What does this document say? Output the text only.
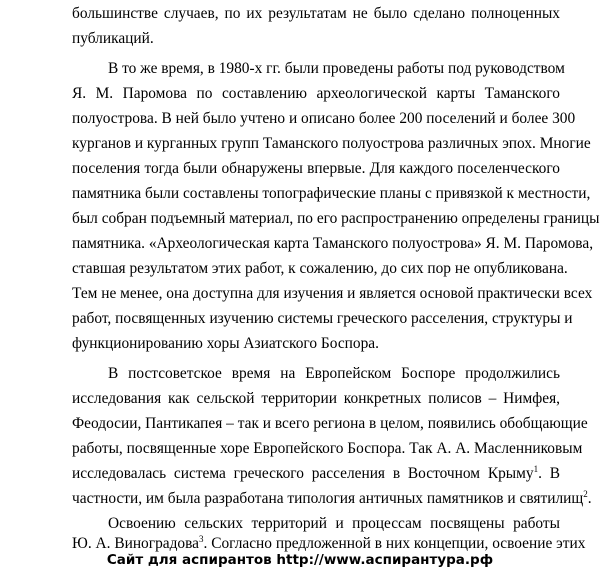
большинстве случаев, по их результатам не было сделано полноценных
публикаций.
В то же время, в 1980-х гг. были проведены работы под руководством
Я. М. Паромова по составлению археологической карты Таманского
полуострова. В ней было учтено и описано более 200 поселений и более 300
курганов и курганных групп Таманского полуострова различных эпох. Многие
поселения тогда были обнаружены впервые. Для каждого поселенческого
памятника были составлены топографические планы с привязкой к местности,
был собран подъемный материал, по его распространению определены границы
памятника. «Археологическая карта Таманского полуострова» Я. М. Паромова,
ставшая результатом этих работ, к сожалению, до сих пор не опубликована.
Тем не менее, она доступна для изучения и является основой практически всех
работ, посвященных изучению системы греческого расселения, структуры и
функционированию хоры Азиатского Боспора.
В постсоветское время на Европейском Боспоре продолжились
исследования как сельской территории конкретных полисов – Нимфея,
Феодосии, Пантикапея – так и всего региона в целом, появились обобщающие
работы, посвященные хоре Европейского Боспора. Так А. А. Масленниковым
исследовалась система греческого расселения в Восточном Крыму$^1$. В
частности, им была разработана типология античных памятников и святилищ$^2$.
Освоению сельских территорий и процессам посвящены работы
Ю. А. Виноградова$^3$. Согласно предложенной в них концепции, освоение этих
Сайт для аспирантов http://www.аспирантура.рф
